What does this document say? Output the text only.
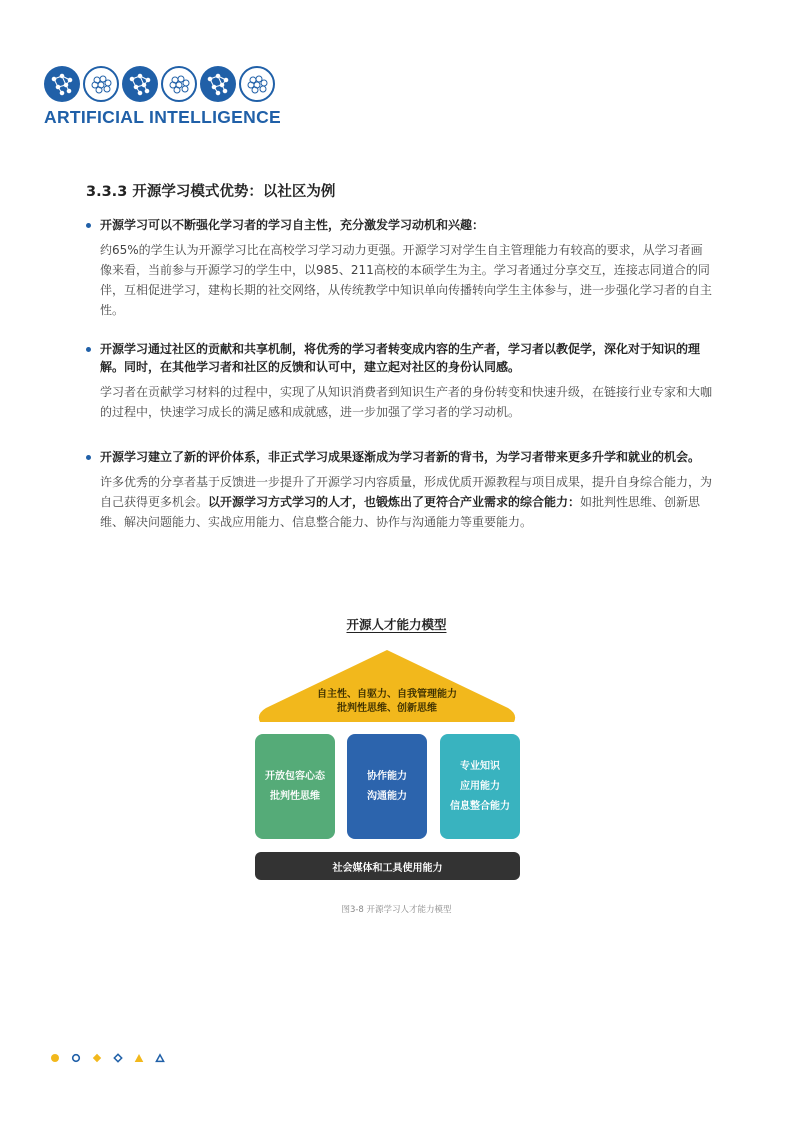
ARTIFICIAL INTELLIGENCE
3.3.3 开源学习模式优势：以社区为例
开源学习可以不断强化学习者的学习自主性，充分激发学习动机和兴趣：
约65%的学生认为开源学习比在高校学习学习动力更强。开源学习对学生自主管理能力有较高的要求，从学习者画像来看，当前参与开源学习的学生中，以985、211高校的本硕学生为主。学习者通过分享交互，连接志同道合的同伴，互相促进学习，建构长期的社交网络，从传统教学中知识单向传播转向学生主体参与，进一步强化学习者的自主性。
开源学习通过社区的贡献和共享机制，将优秀的学习者转变成内容的生产者，学习者以教促学，深化对于知识的理解。同时，在其他学习者和社区的反馈和认可中，建立起对社区的身份认同感。
学习者在贡献学习材料的过程中，实现了从知识消费者到知识生产者的身份转变和快速升级，在链接行业专家和大咖的过程中，快速学习成长的满足感和成就感，进一步加强了学习者的学习动机。
开源学习建立了新的评价体系，非正式学习成果逐渐成为学习者新的背书，为学习者带来更多升学和就业的机会。
许多优秀的分享者基于反馈进一步提升了开源学习内容质量，形成优质开源教程与项目成果，提升自身综合能力，为自己获得更多机会。以开源学习方式学习的人才，也锻炼出了更符合产业需求的综合能力：如批判性思维、创新思维、解决问题能力、实战应用能力、信息整合能力、协作与沟通能力等重要能力。
开源人才能力模型
自主性、自驱力、自我管理能力
批判性思维、创新思维
开放包容心态
批判性思维
协作能力
沟通能力
专业知识
应用能力
信息整合能力
社会媒体和工具使用能力
图3-8 开源学习人才能力模型
